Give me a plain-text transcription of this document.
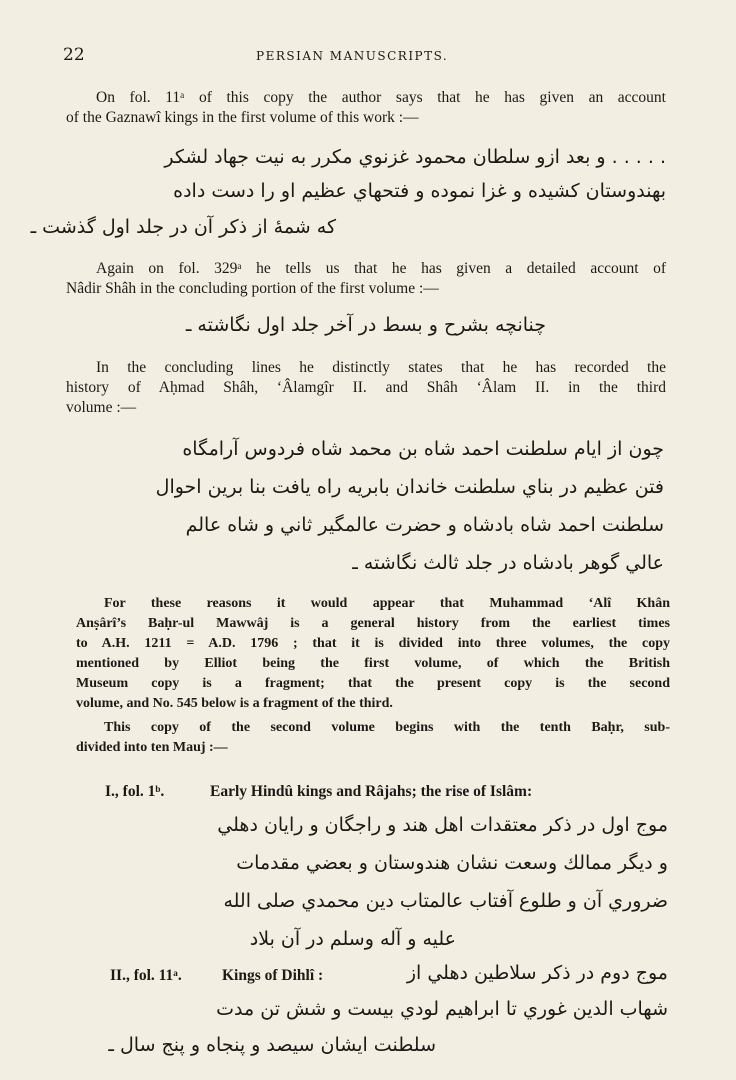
22	PERSIAN MANUSCRIPTS.
On fol. 11ᵃ of this copy the author says that he has given an account
of the Gaznawî kings in the first volume of this work :—
. . . . . و بعد ازو سلطان محمود غزنوي مكرر به نيت جهاد لشكر
بهندوستان كشيده و غزا نموده و فتحهاي عظيم او را دست داده
كه شمهٔ از ذكر آن در جلد اول گذشت ـ
Again on fol. 329ᵃ he tells us that he has given a detailed account of
Nâdir Shâh in the concluding portion of the first volume :—
چنانچه بشرح و بسط در آخر جلد اول نگاشته ـ
In the concluding lines he distinctly states that he has recorded the
history of Aḥmad Shâh, ‘Âlamgîr II. and Shâh ‘Âlam II. in the third
volume :—
چون از ايام سلطنت احمد شاه بن محمد شاه فردوس آرامگاه
فتن عظيم در بناي سلطنت خاندان بابريه راه يافت بنا برين احوال
سلطنت احمد شاه بادشاه و حضرت عالمگير ثاني و شاه عالم
عالي گوهر بادشاه در جلد ثالث نگاشته ـ
For these reasons it would appear that Muhammad ‘Alî Khân
Anṣârî’s Baḥr-ul Mawwâj is a general history from the earliest times
to A.H. 1211 = A.D. 1796 ; that it is divided into three volumes, the copy
mentioned by Elliot being the first volume, of which the British
Museum copy is a fragment; that the present copy is the second
volume, and No. 545 below is a fragment of the third.
This copy of the second volume begins with the tenth Baḥr, sub-
divided into ten Mauj :—
I., fol. 1ᵇ.	Early Hindû kings and Râjahs; the rise of Islâm:
موج اول در ذكر معتقدات اهل هند و راجگان و رايان دهلي
و ديگر ممالك وسعت نشان هندوستان و بعضي مقدمات
ضروري آن و طلوع آفتاب عالمتاب دين محمدي صلى الله
عليه و آله وسلم در آن بلاد
II., fol. 11ᵃ.	Kings of Dihlî :	موج دوم در ذكر سلاطين دهلي از
شهاب الدين غوري تا ابراهيم لودي بيست و شش تن مدت
سلطنت ايشان سيصد و پنجاه و پنج سال ـ
